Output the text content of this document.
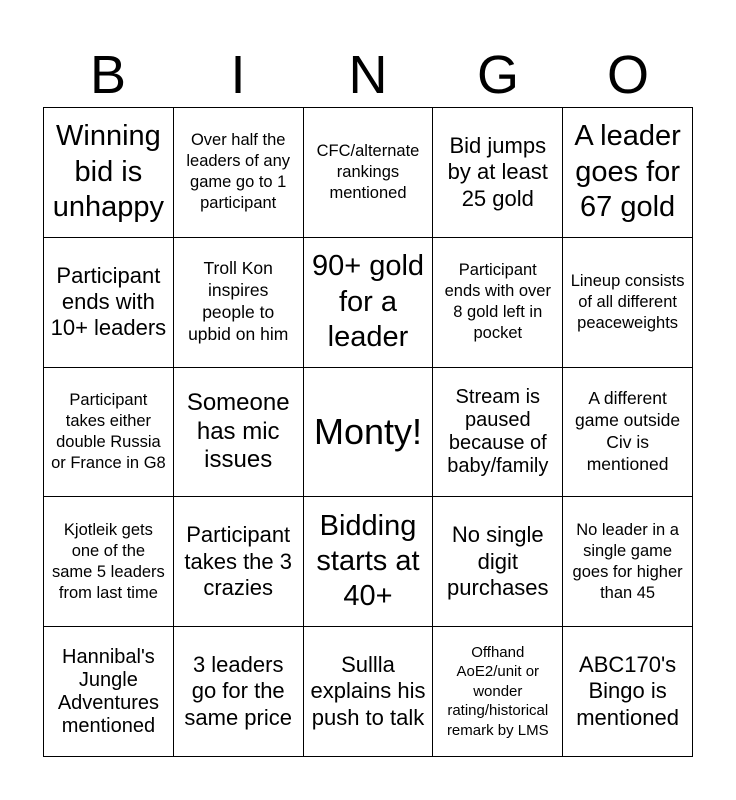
B	I	N	G	O
Winning bid is unhappy
Over half the leaders of any game go to 1 participant
CFC/alternate rankings mentioned
Bid jumps by at least 25 gold
A leader goes for 67 gold
Participant ends with 10+ leaders
Troll Kon inspires people to upbid on him
90+ gold for a leader
Participant ends with over 8 gold left in pocket
Lineup consists of all different peaceweights
Participant takes either double Russia or France in G8
Someone has mic issues
Monty!
Stream is paused because of baby/family
A different game outside Civ is mentioned
Kjotleik gets one of the same 5 leaders from last time
Participant takes the 3 crazies
Bidding starts at 40+
No single digit purchases
No leader in a single game goes for higher than 45
Hannibal's Jungle Adventures mentioned
3 leaders go for the same price
Sullla explains his push to talk
Offhand AoE2/unit or wonder rating/historical remark by LMS
ABC170's Bingo is mentioned
